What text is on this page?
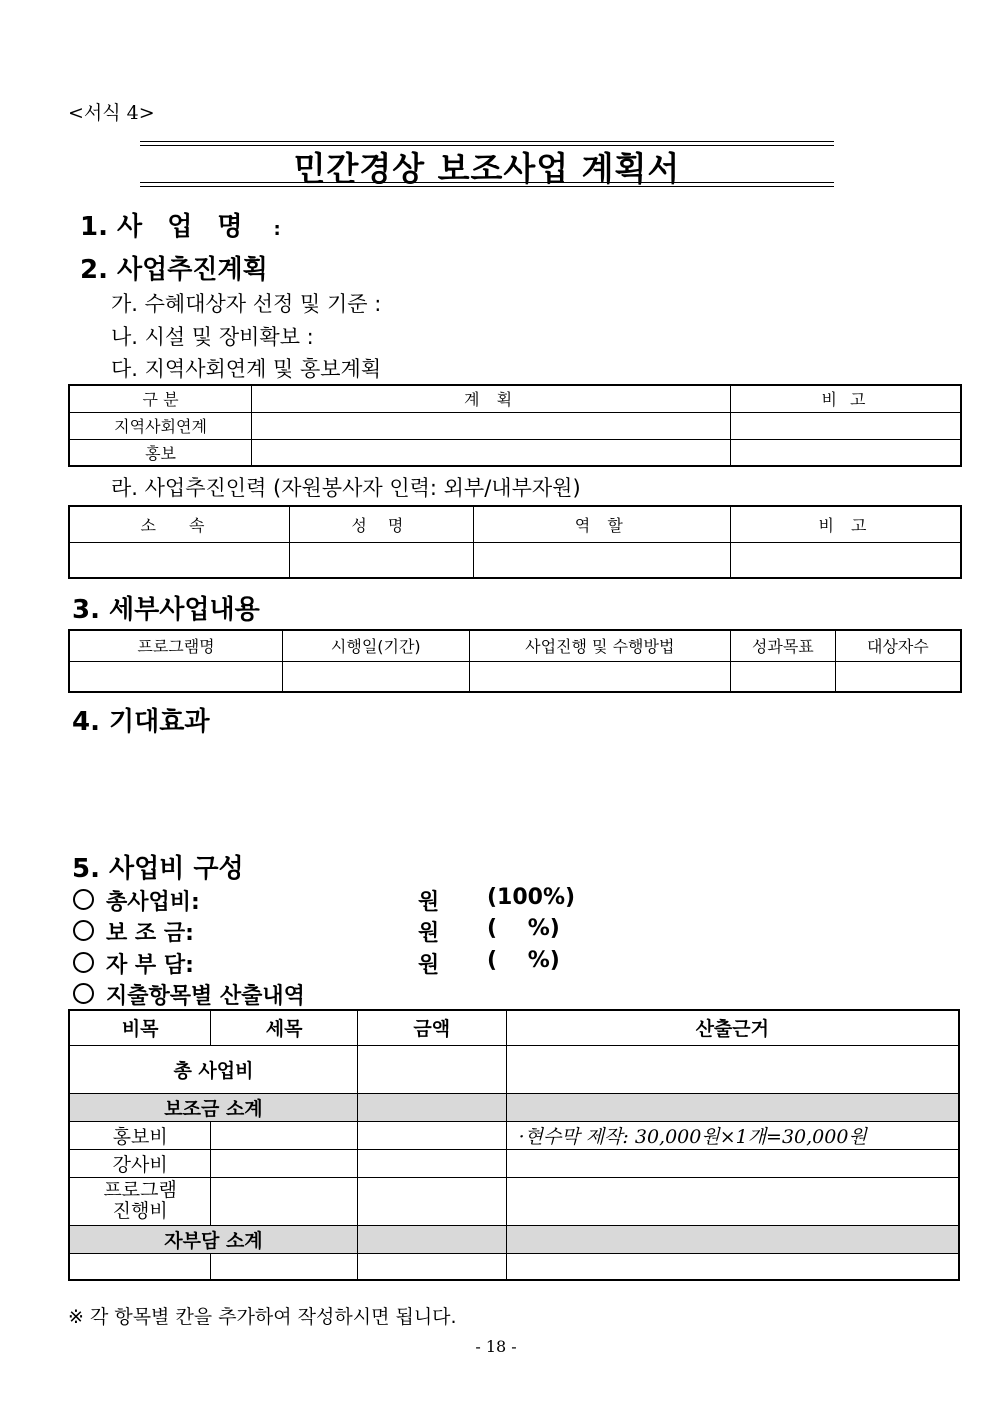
<서식 4>
민간경상 보조사업 계획서
1. 사 업 명 :
2. 사업추진계획
가. 수혜대상자 선정 및 기준 :
나. 시설 및 장비확보 :
다. 지역사회연계 및 홍보계획
구 분	계 획	비 고
지역사회연계		
홍보		
라. 사업추진인력 (자원봉사자 인력: 외부/내부자원)
소 속	성 명	역 할	비 고

3. 세부사업내용
프로그램명	시행일(기간)	사업진행 및 수행방법	성과목표	대상자수

4. 기대효과
5. 사업비 구성
총사업비:	원 (100%)
보 조 금:	원 (    %)
자 부 담:	원 (    %)
지출항목별 산출내역
비목	세목	금액	산출근거
총 사업비			
보조금 소계			
홍보비			·현수막 제작: 30,000원×1개=30,000원
강사비			
프로그램 진행비			
자부담 소계			

※ 각 항목별 칸을 추가하여 작성하시면 됩니다.
- 18 -
